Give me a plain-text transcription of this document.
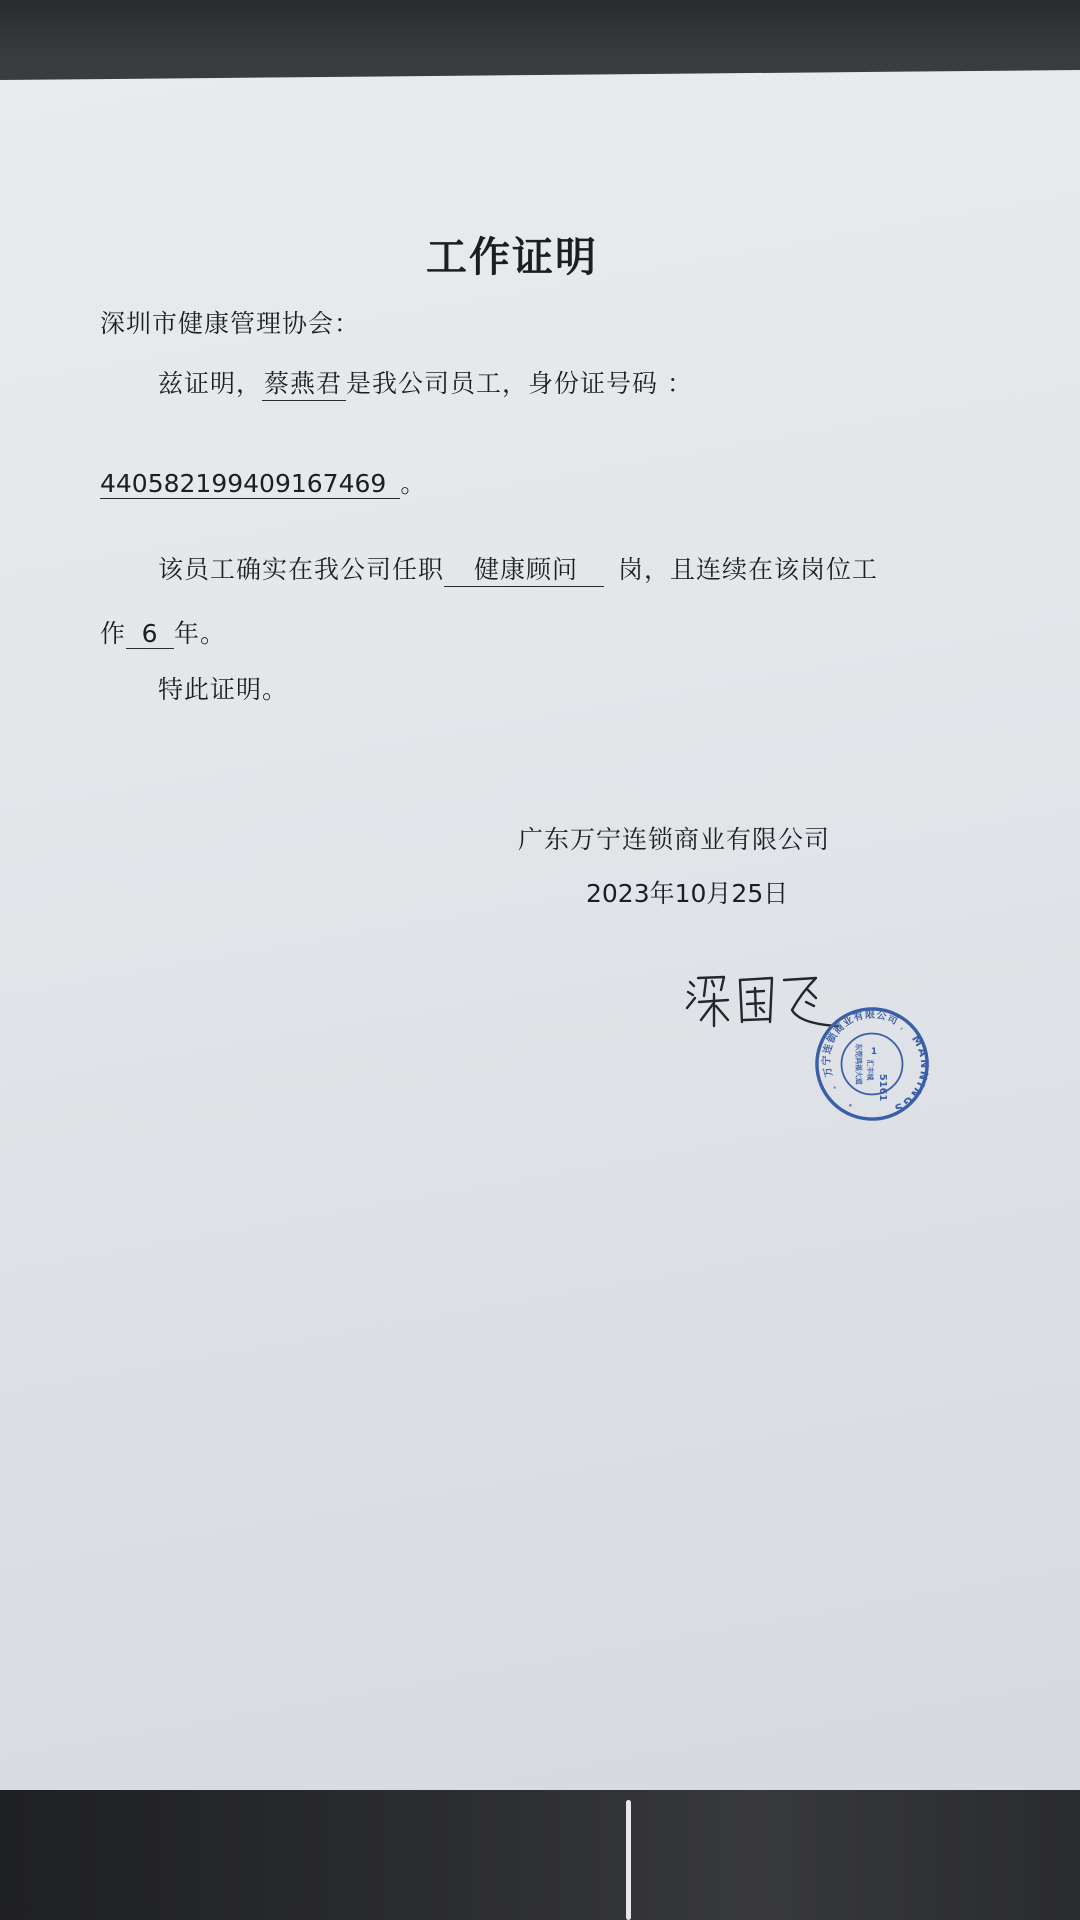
工作证明
深圳市健康管理协会：
兹证明，蔡燕君 是我公司员工，身份证号码 ：
440582199409167469 。
该员工确实在我公司任职 健康顾问 岗，且连续在该岗位工
作 6 年。
特此证明。
广东万宁连锁商业有限公司
2023年10月25日
万宁连锁商业有限公司
MANNINGS
1
5161
东莞鸿福大道 汇丰城
